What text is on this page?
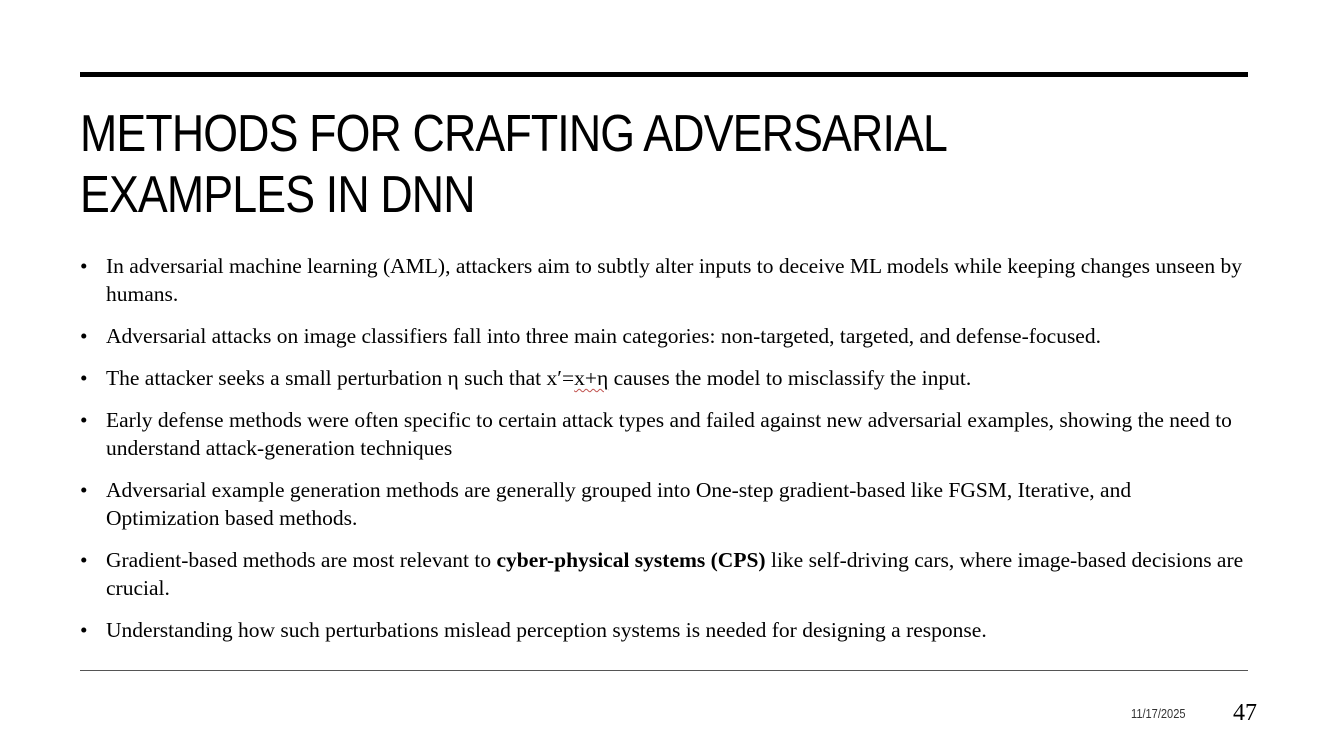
METHODS FOR CRAFTING ADVERSARIAL
EXAMPLES IN DNN
• In adversarial machine learning (AML), attackers aim to subtly alter inputs to deceive ML models while keeping changes unseen by humans.
• Adversarial attacks on image classifiers fall into three main categories: non-targeted, targeted, and defense-focused.
• The attacker seeks a small perturbation η such that x′=x+η causes the model to misclassify the input.
• Early defense methods were often specific to certain attack types and failed against new adversarial examples, showing the need to understand attack-generation techniques
• Adversarial example generation methods are generally grouped into One-step gradient-based like FGSM, Iterative, and Optimization based methods.
• Gradient-based methods are most relevant to cyber-physical systems (CPS) like self-driving cars, where image-based decisions are crucial.
• Understanding how such perturbations mislead perception systems is needed for designing a response.
11/17/2025 47
